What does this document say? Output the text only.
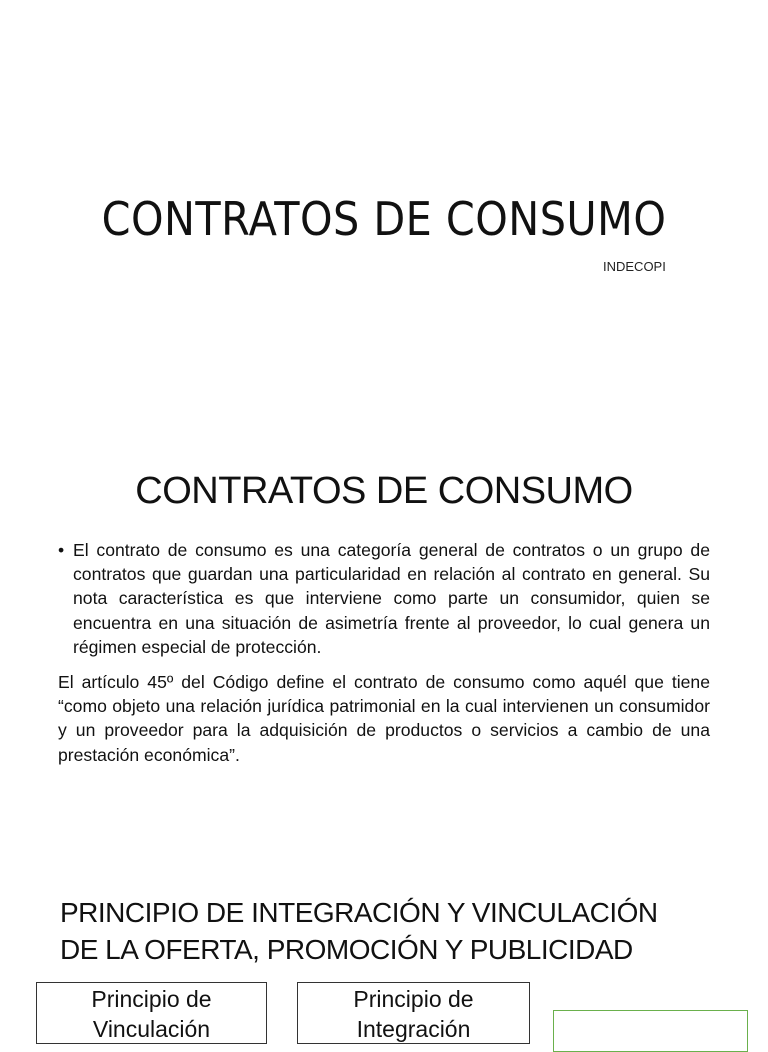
CONTRATOS DE CONSUMO
INDECOPI
CONTRATOS DE CONSUMO
• El contrato de consumo es una categoría general de contratos o un grupo de contratos que guardan una particularidad en relación al contrato en general. Su nota característica es que interviene como parte un consumidor, quien se encuentra en una situación de asimetría frente al proveedor, lo cual genera un régimen especial de protección.
El artículo 45º del Código define el contrato de consumo como aquél que tiene “como objeto una relación jurídica patrimonial en la cual intervienen un consumidor y un proveedor para la adquisición de productos o servicios a cambio de una prestación económica”.
PRINCIPIO DE INTEGRACIÓN Y VINCULACIÓN
DE LA OFERTA, PROMOCIÓN Y PUBLICIDAD
Principio de
Vinculación
Principio de
Integración
